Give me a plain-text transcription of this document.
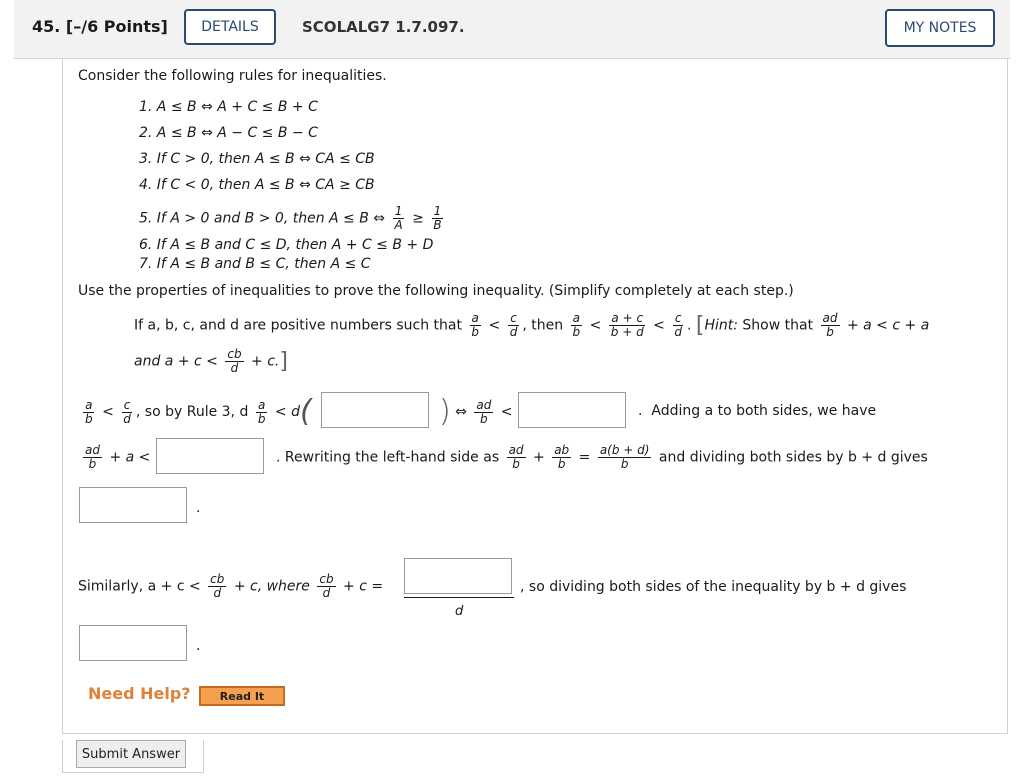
45. [–/6 Points]	DETAILS	SCOLALG7 1.7.097.	MY NOTES
Consider the following rules for inequalities.
1. A ≤ B ⇔ A + C ≤ B + C
2. A ≤ B ⇔ A − C ≤ B − C
3. If C > 0, then A ≤ B ⇔ CA ≤ CB
4. If C < 0, then A ≤ B ⇔ CA ≥ CB
5. If A > 0 and B > 0, then A ≤ B ⇔ $\frac{1}{A} \ge \frac{1}{B}$
6. If A ≤ B and C ≤ D, then A + C ≤ B + D
7. If A ≤ B and B ≤ C, then A ≤ C
Use the properties of inequalities to prove the following inequality. (Simplify completely at each step.)
If a, b, c, and d are positive numbers such that $\frac{a}{b} < \frac{c}{d}$ , then $\frac{a}{b} < \frac{a + c}{b + d} < \frac{c}{d}$ . [Hint: Show that $\frac{ad}{b} + a < c + a$
and $a + c < \frac{cb}{d} + c$.]
$\frac{a}{b} < \frac{c}{d}$ , so by Rule 3, d $\frac{a}{b} < d$(	) ⇔ $\frac{ad}{b}$ <	. Adding a to both sides, we have
$\frac{ad}{b} + a$ <	. Rewriting the left-hand side as $\frac{ad}{b} + \frac{ab}{b} = \frac{a(b + d)}{b}$ and dividing both sides by b + d gives
.
Similarly, $a + c < \frac{cb}{d} + c$, where $\frac{cb}{d} + c$ =
d
, so dividing both sides of the inequality by b + d gives
.
Need Help?	Read It
Submit Answer
